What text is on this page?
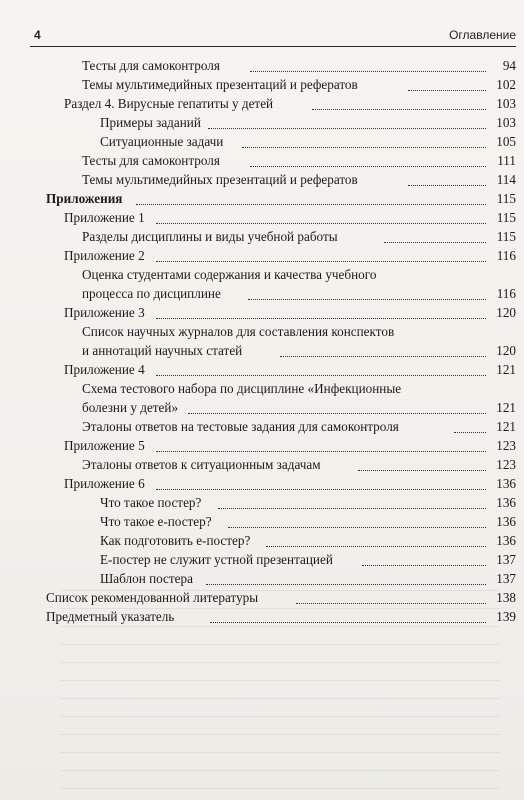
4	Оглавление
Тесты для самоконтроля	94
Темы мультимедийных презентаций и рефератов	102
Раздел 4. Вирусные гепатиты у детей	103
Примеры заданий	103
Ситуационные задачи	105
Тесты для самоконтроля	111
Темы мультимедийных презентаций и рефератов	114
Приложения	115
Приложение 1	115
Разделы дисциплины и виды учебной работы	115
Приложение 2	116
Оценка студентами содержания и качества учебного
процесса по дисциплине	116
Приложение 3	120
Список научных журналов для составления конспектов
и аннотаций научных статей	120
Приложение 4	121
Схема тестового набора по дисциплине «Инфекционные
болезни у детей»	121
Эталоны ответов на тестовые задания для самоконтроля	121
Приложение 5	123
Эталоны ответов к ситуационным задачам	123
Приложение 6	136
Что такое постер?	136
Что такое е-постер?	136
Как подготовить е-постер?	136
Е-постер не служит устной презентацией	137
Шаблон постера	137
Список рекомендованной литературы	138
Предметный указатель	139
